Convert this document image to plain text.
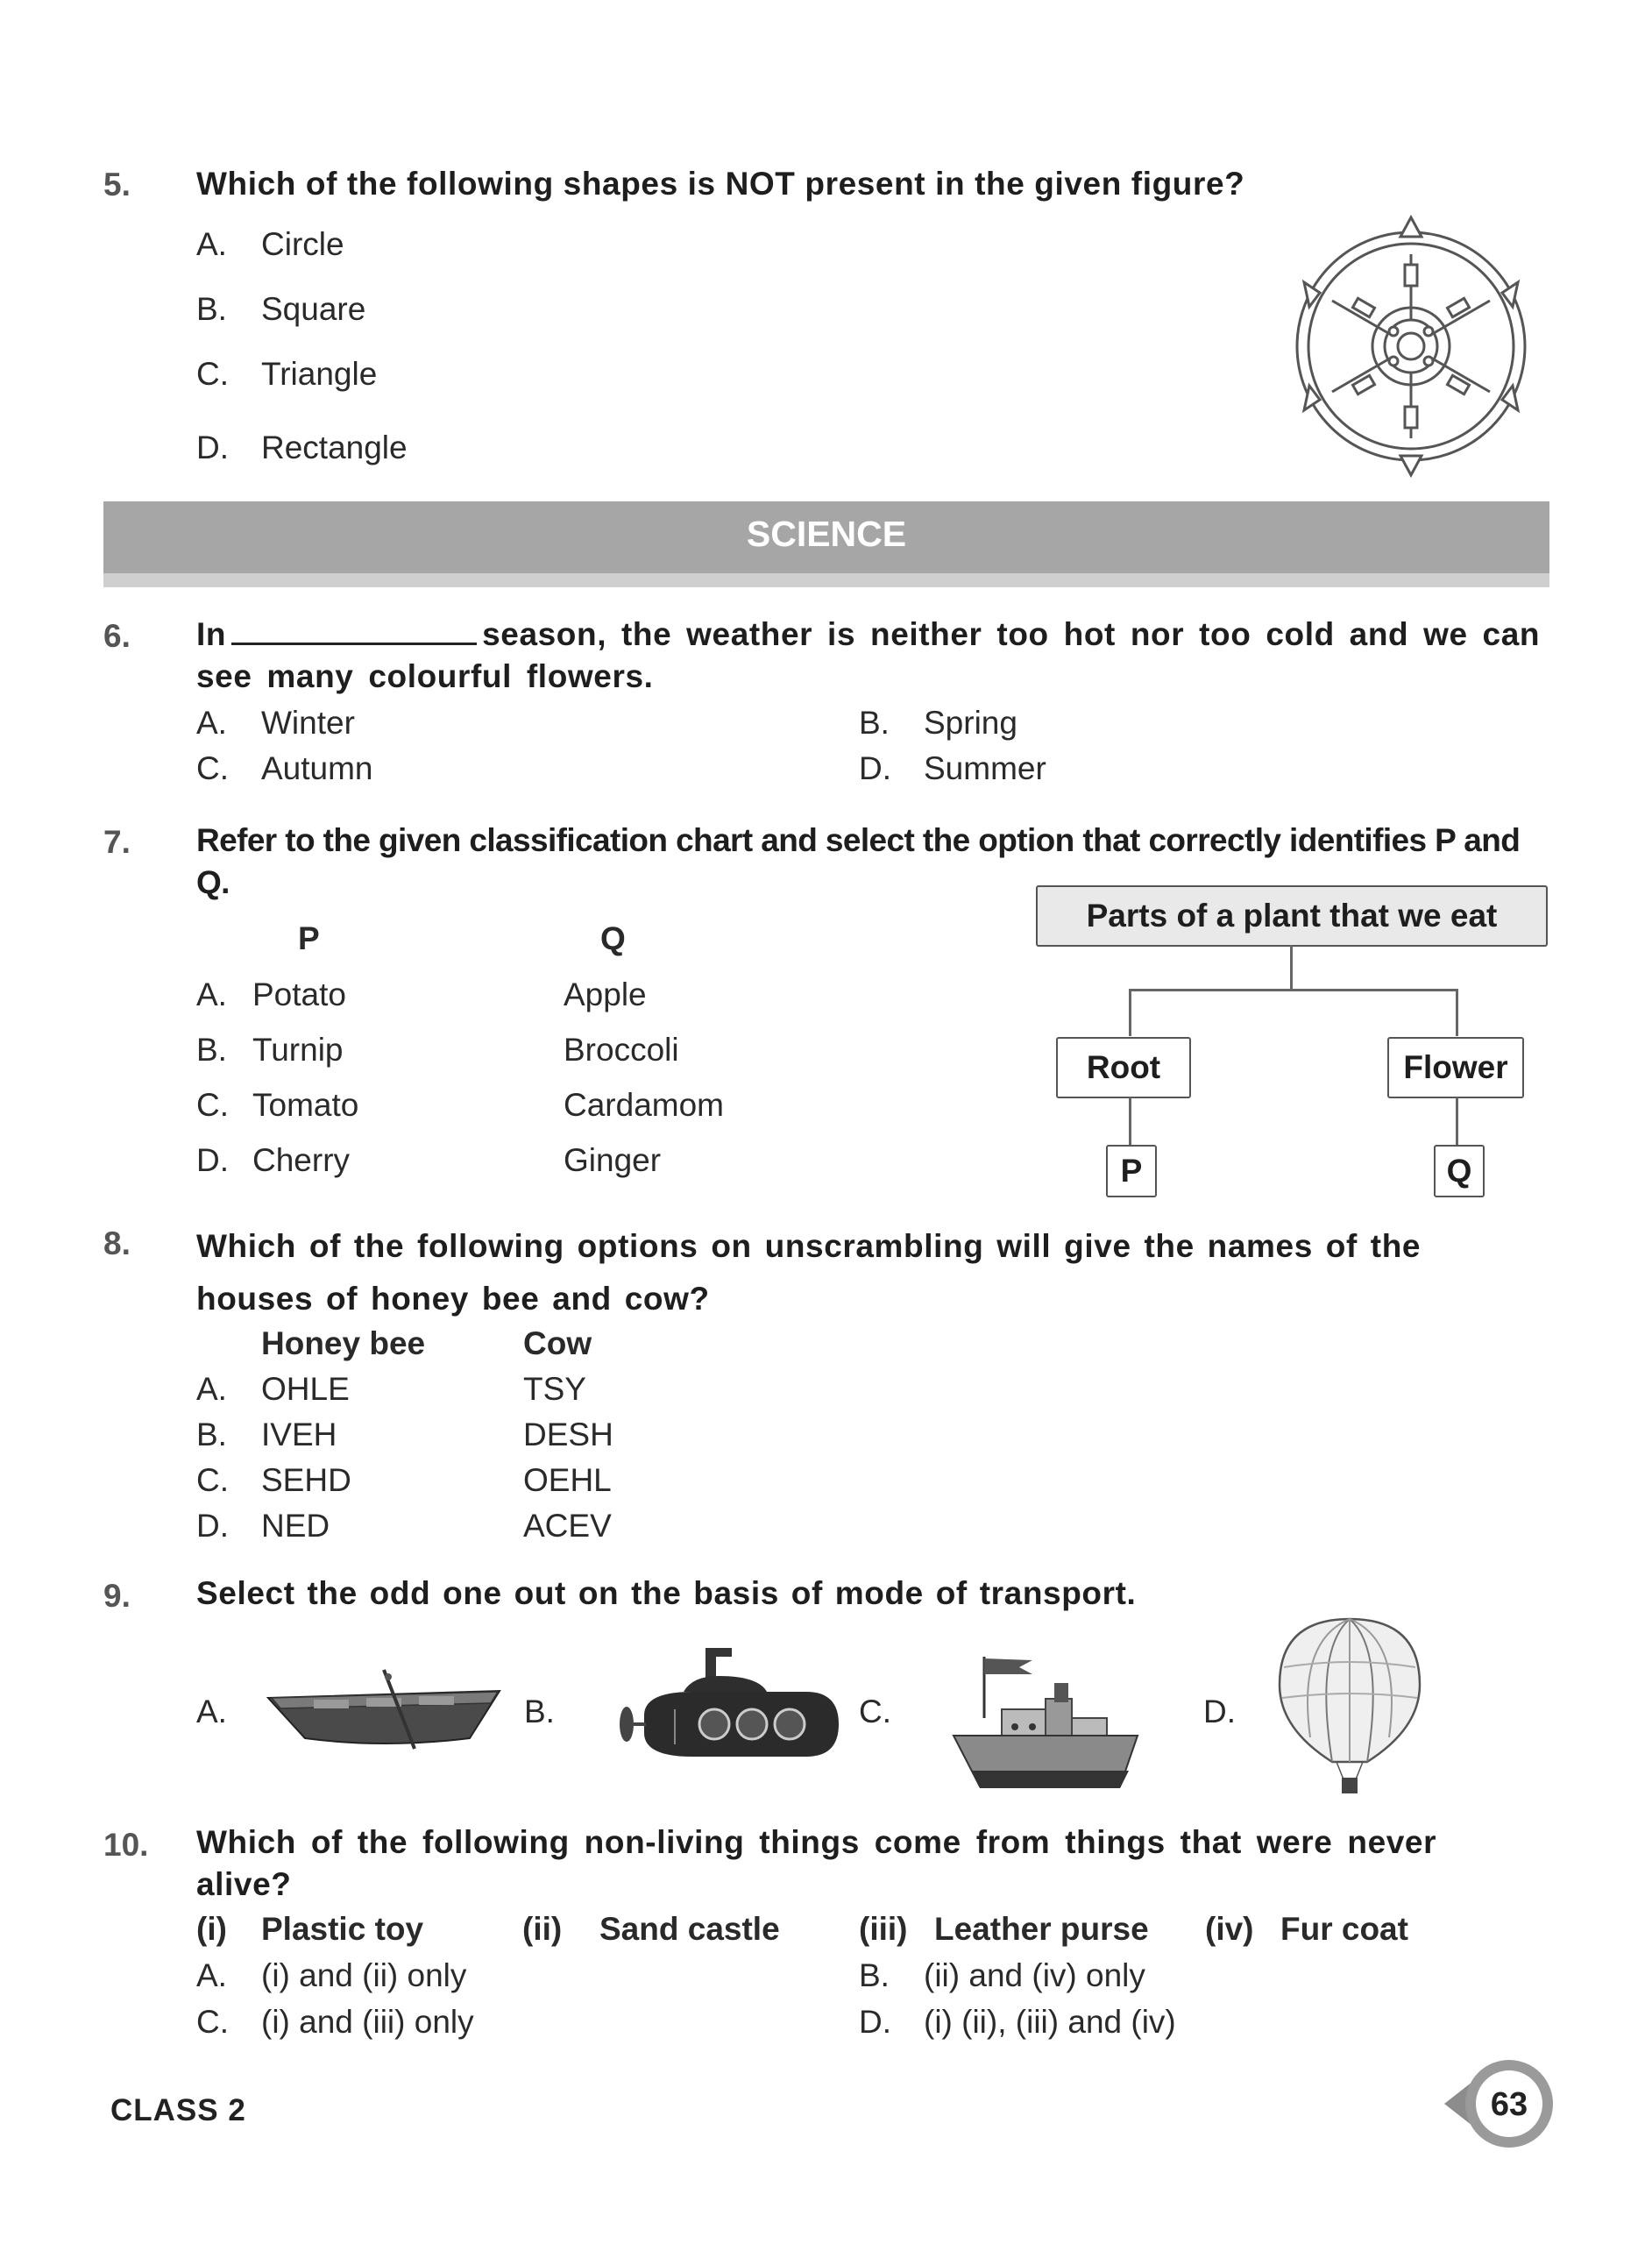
5. Which of the following shapes is NOT present in the given figure?
A. Circle
B. Square
C. Triangle
D. Rectangle
SCIENCE
6. In	season, the weather is neither too hot nor too cold and we can see many colourful flowers.
A. Winter	B. Spring
C. Autumn	D. Summer
7. Refer to the given classification chart and select the option that correctly identifies P and Q.
P	Q
A. Potato	Apple
B. Turnip	Broccoli
C. Tomato	Cardamom
D. Cherry	Ginger
Parts of a plant that we eat
Root	Flower
P	Q
8. Which of the following options on unscrambling will give the names of the houses of honey bee and cow?
Honey bee	Cow
A. OHLE	TSY
B. IVEH	DESH
C. SEHD	OEHL
D. NED	ACEV
9. Select the odd one out on the basis of mode of transport.
A.	B.	C.	D.
10. Which of the following non-living things come from things that were never alive?
(i) Plastic toy	(ii) Sand castle (iii) Leather purse (iv) Fur coat
A. (i) and (ii) only	B. (ii) and (iv) only
C. (i) and (iii) only	D. (i) (ii), (iii) and (iv)
CLASS 2	63
